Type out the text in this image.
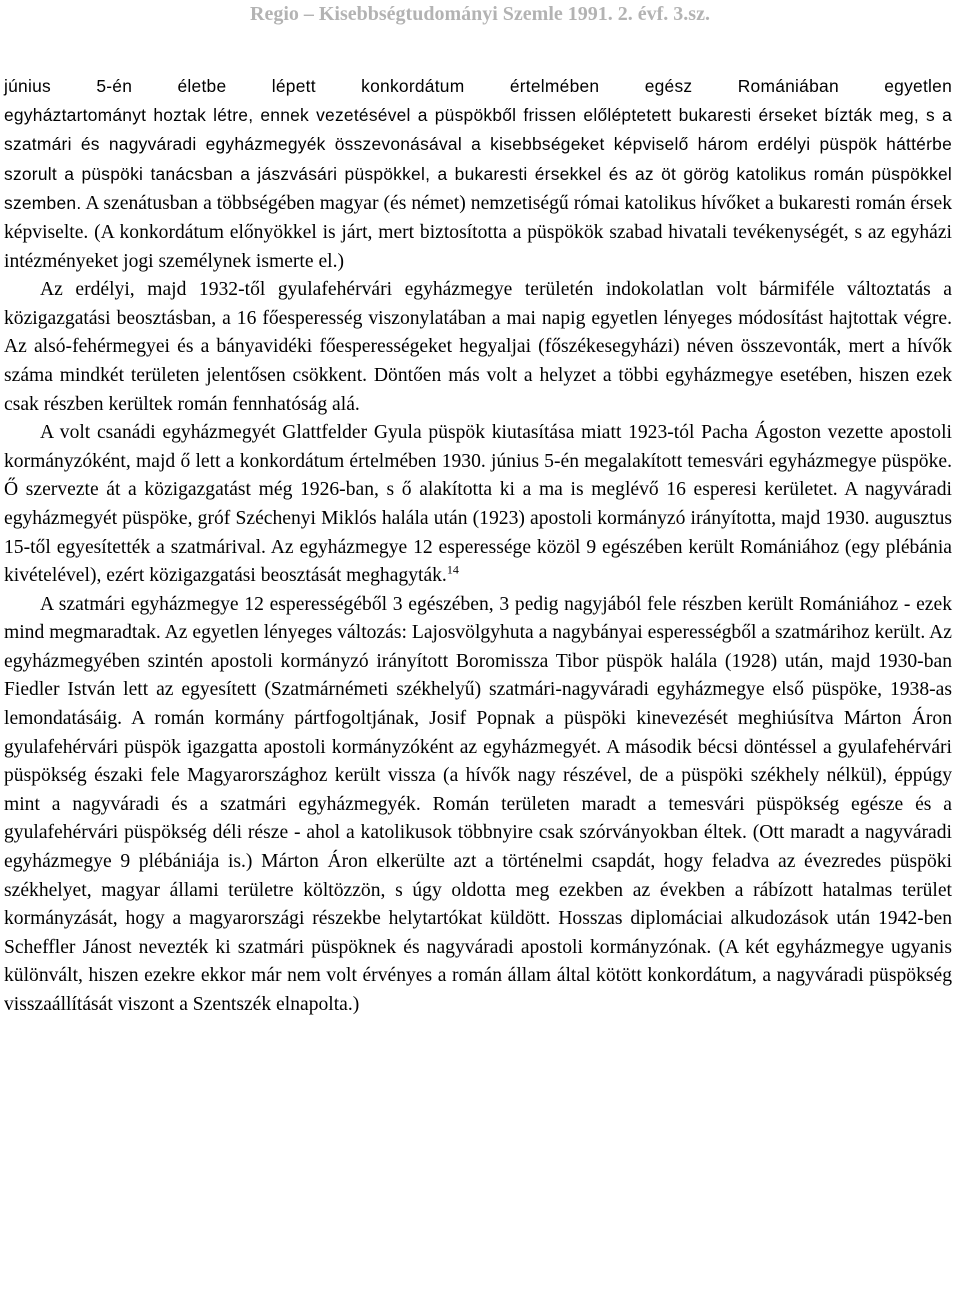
Regio – Kisebbségtudományi Szemle 1991. 2. évf. 3.sz.
június 5-én életbe lépett konkordátum értelmében egész Romániában egyetlen
egyháztartományt hoztak létre, ennek vezetésével a püspökből frissen előléptetett bukaresti érseket bízták meg, s a szatmári és nagyváradi egyházmegyék összevonásával a kisebbségeket képviselő három erdélyi püspök háttérbe szorult a püspöki tanácsban a jászvásári püspökkel, a bukaresti érsekkel és az öt görög katolikus román püspökkel szemben. A szenátusban a többségében magyar (és német) nemzetiségű római katolikus hívőket a bukaresti román érsek képviselte. (A konkordátum előnyökkel is járt, mert biztosította a püspökök szabad hivatali tevékenységét, s az egyházi intézményeket jogi személynek ismerte el.)

Az erdélyi, majd 1932-től gyulafehérvári egyházmegye területén indokolatlan volt bármiféle változtatás a közigazgatási beosztásban, a 16 főesperesség viszonylatában a mai napig egyetlen lényeges módosítást hajtottak végre. Az alsó-fehérmegyei és a bányavidéki főesperességeket hegyaljai (főszékesegyházi) néven összevonták, mert a hívők száma mindkét területen jelentősen csökkent. Döntően más volt a helyzet a többi egyházmegye esetében, hiszen ezek csak részben kerültek román fennhatóság alá.

A volt csanádi egyházmegyét Glattfelder Gyula püspök kiutasítása miatt 1923-tól Pacha Ágoston vezette apostoli kormányzóként, majd ő lett a konkordátum értelmében 1930. június 5-én megalakított temesvári egyházmegye püspöke. Ő szervezte át a közigazgatást még 1926-ban, s ő alakította ki a ma is meglévő 16 esperesi kerületet. A nagyváradi egyházmegyét püspöke, gróf Széchenyi Miklós halála után (1923) apostoli kormányzó irányította, majd 1930. augusztus 15-től egyesítették a szatmárival. Az egyházmegye 12 esperessége közöl 9 egészében került Romániához (egy plébánia kivételével), ezért közigazgatási beosztását meghagyták.$^{14}$

A szatmári egyházmegye 12 esperességéből 3 egészében, 3 pedig nagyjából fele részben került Romániához - ezek mind megmaradtak. Az egyetlen lényeges változás: Lajosvölgyhuta a nagybányai esperességből a szatmárihoz került. Az egyházmegyében szintén apostoli kormányzó irányított Boromissza Tibor püspök halála (1928) után, majd 1930-ban Fiedler István lett az egyesített (Szatmárnémeti székhelyű) szatmári-nagyváradi egyházmegye első püspöke, 1938-as lemondatásáig. A román kormány pártfogoltjának, Josif Popnak a püspöki kinevezését meghiúsítva Márton Áron gyulafehérvári püspök igazgatta apostoli kormányzóként az egyházmegyét. A második bécsi döntéssel a gyulafehérvári püspökség északi fele Magyarországhoz került vissza (a hívők nagy részével, de a püspöki székhely nélkül), éppúgy mint a nagyváradi és a szatmári egyházmegyék. Román területen maradt a temesvári püspökség egésze és a gyulafehérvári püspökség déli része - ahol a katolikusok többnyire csak szórványokban éltek. (Ott maradt a nagyváradi egyházmegye 9 plébániája is.) Márton Áron elkerülte azt a történelmi csapdát, hogy feladva az évezredes püspöki székhelyet, magyar állami területre költözzön, s úgy oldotta meg ezekben az években a rábízott hatalmas terület kormányzását, hogy a magyarországi részekbe helytartókat küldött. Hosszas diplomáciai alkudozások után 1942-ben Scheffler Jánost nevezték ki szatmári püspöknek és nagyváradi apostoli kormányzónak. (A két egyházmegye ugyanis különvált, hiszen ezekre ekkor már nem volt érvényes a román állam által kötött konkordátum, a nagyváradi püspökség visszaállítását viszont a Szentszék elnapolta.)
